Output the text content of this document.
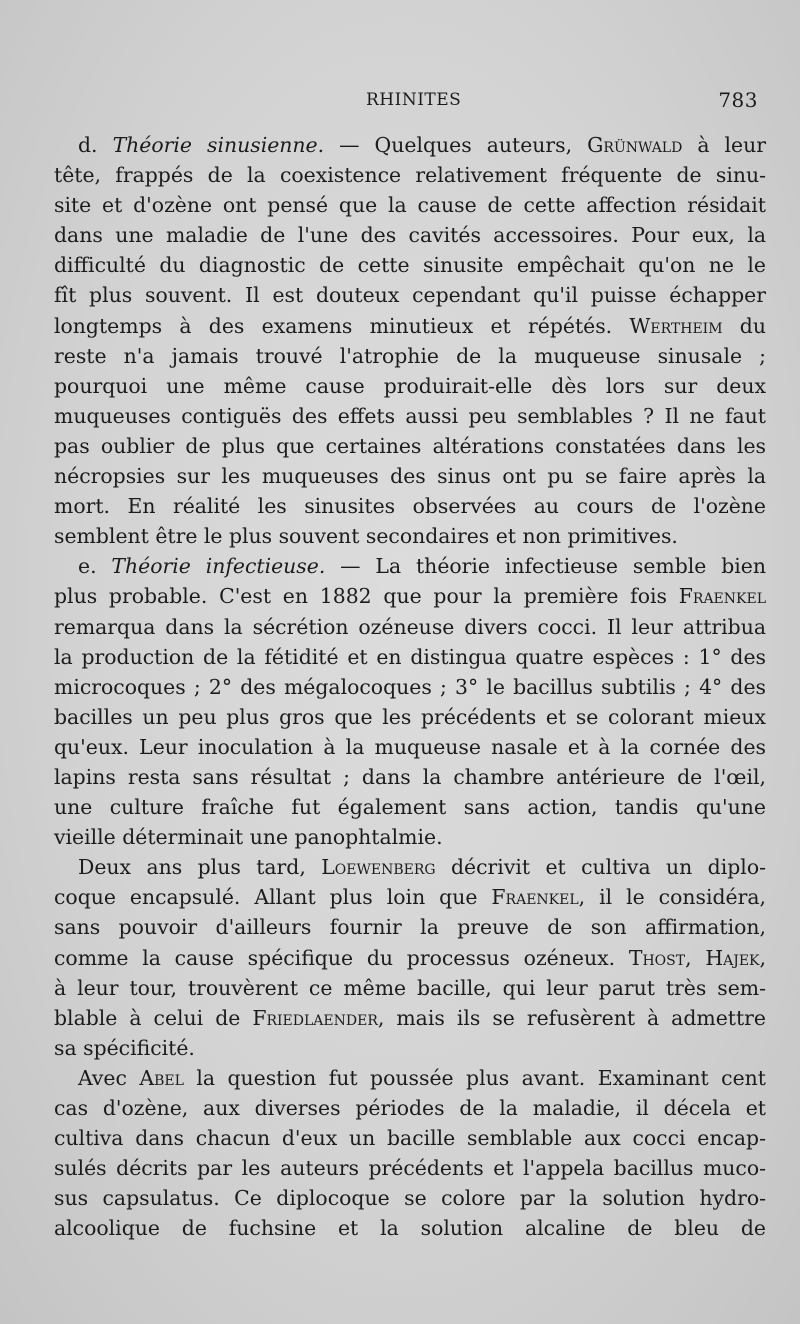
RHINITES	783
d. Théorie sinusienne. — Quelques auteurs, Grünwald à leur
tête, frappés de la coexistence relativement fréquente de sinu-
site et d'ozène ont pensé que la cause de cette affection résidait
dans une maladie de l'une des cavités accessoires. Pour eux, la
difficulté du diagnostic de cette sinusite empêchait qu'on ne le
fît plus souvent. Il est douteux cependant qu'il puisse échapper
longtemps à des examens minutieux et répétés. Wertheim du
reste n'a jamais trouvé l'atrophie de la muqueuse sinusale ;
pourquoi une même cause produirait-elle dès lors sur deux
muqueuses contiguës des effets aussi peu semblables ? Il ne faut
pas oublier de plus que certaines altérations constatées dans les
nécropsies sur les muqueuses des sinus ont pu se faire après la
mort. En réalité les sinusites observées au cours de l'ozène
semblent être le plus souvent secondaires et non primitives.
e. Théorie infectieuse. — La théorie infectieuse semble bien
plus probable. C'est en 1882 que pour la première fois Fraenkel
remarqua dans la sécrétion ozéneuse divers cocci. Il leur attribua
la production de la fétidité et en distingua quatre espèces : 1° des
microcoques ; 2° des mégalocoques ; 3° le bacillus subtilis ; 4° des
bacilles un peu plus gros que les précédents et se colorant mieux
qu'eux. Leur inoculation à la muqueuse nasale et à la cornée des
lapins resta sans résultat ; dans la chambre antérieure de l'œil,
une culture fraîche fut également sans action, tandis qu'une
vieille déterminait une panophtalmie.
Deux ans plus tard, Loewenberg décrivit et cultiva un diplo-
coque encapsulé. Allant plus loin que Fraenkel, il le considéra,
sans pouvoir d'ailleurs fournir la preuve de son affirmation,
comme la cause spécifique du processus ozéneux. Thost, Hajek,
à leur tour, trouvèrent ce même bacille, qui leur parut très sem-
blable à celui de Friedlaender, mais ils se refusèrent à admettre
sa spécificité.
Avec Abel la question fut poussée plus avant. Examinant cent
cas d'ozène, aux diverses périodes de la maladie, il décela et
cultiva dans chacun d'eux un bacille semblable aux cocci encap-
sulés décrits par les auteurs précédents et l'appela bacillus muco-
sus capsulatus. Ce diplocoque se colore par la solution hydro-
alcoolique de fuchsine et la solution alcaline de bleu de
